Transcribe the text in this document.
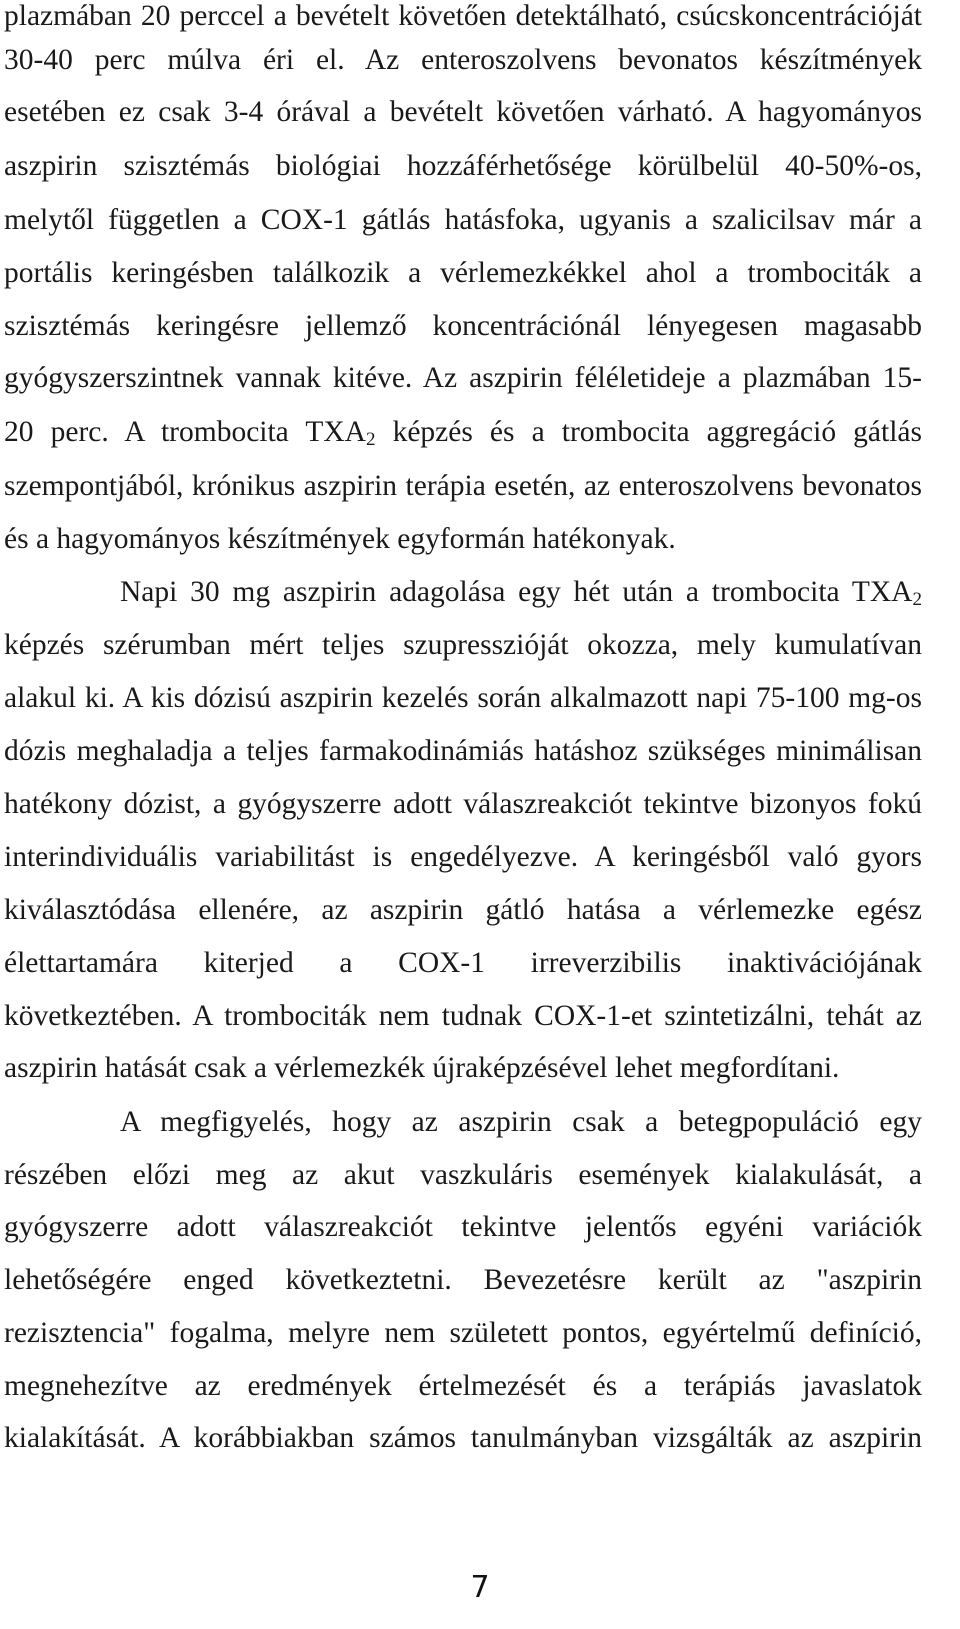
plazmában 20 perccel a bevételt követően detektálható, csúcskoncentrációját
30-40 perc múlva éri el. Az enteroszolvens bevonatos készítmények
esetében ez csak 3-4 órával a bevételt követően várható. A hagyományos
aszpirin szisztémás biológiai hozzáférhetősége körülbelül 40-50%-os,
melytől független a COX-1 gátlás hatásfoka, ugyanis a szalicilsav már a
portális keringésben találkozik a vérlemezkékkel ahol a trombociták a
szisztémás keringésre jellemző koncentrációnál lényegesen magasabb
gyógyszerszintnek vannak kitéve. Az aszpirin féléletideje a plazmában 15-
20 perc. A trombocita $TXA_2$ képzés és a trombocita aggregáció gátlás
szempontjából, krónikus aszpirin terápia esetén, az enteroszolvens bevonatos
és a hagyományos készítmények egyformán hatékonyak.
Napi 30 mg aszpirin adagolása egy hét után a trombocita $TXA_2$
képzés szérumban mért teljes szupresszióját okozza, mely kumulatívan
alakul ki. A kis dózisú aszpirin kezelés során alkalmazott napi 75-100 mg-os
dózis meghaladja a teljes farmakodinámiás hatáshoz szükséges minimálisan
hatékony dózist, a gyógyszerre adott válaszreakciót tekintve bizonyos fokú
interindividuális variabilitást is engedélyezve. A keringésből való gyors
kiválasztódása ellenére, az aszpirin gátló hatása a vérlemezke egész
élettartamára kiterjed a COX-1 irreverzibilis inaktivációjának
következtében. A trombociták nem tudnak COX-1-et szintetizálni, tehát az
aszpirin hatását csak a vérlemezkék újraképzésével lehet megfordítani.
A megfigyelés, hogy az aszpirin csak a betegpopuláció egy
részében előzi meg az akut vaszkuláris események kialakulását, a
gyógyszerre adott válaszreakciót tekintve jelentős egyéni variációk
lehetőségére enged következtetni. Bevezetésre került az "aszpirin
rezisztencia" fogalma, melyre nem született pontos, egyértelmű definíció,
megnehezítve az eredmények értelmezését és a terápiás javaslatok
kialakítását. A korábbiakban számos tanulmányban vizsgálták az aszpirin
7
